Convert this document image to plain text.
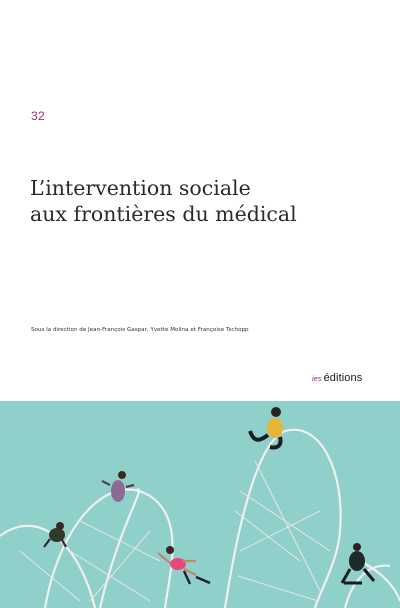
32
L’intervention sociale
aux frontières du médical
Sous la direction de Jean-François Gaspar, Yvette Molina et Françoise Tschopp
ies éditions
